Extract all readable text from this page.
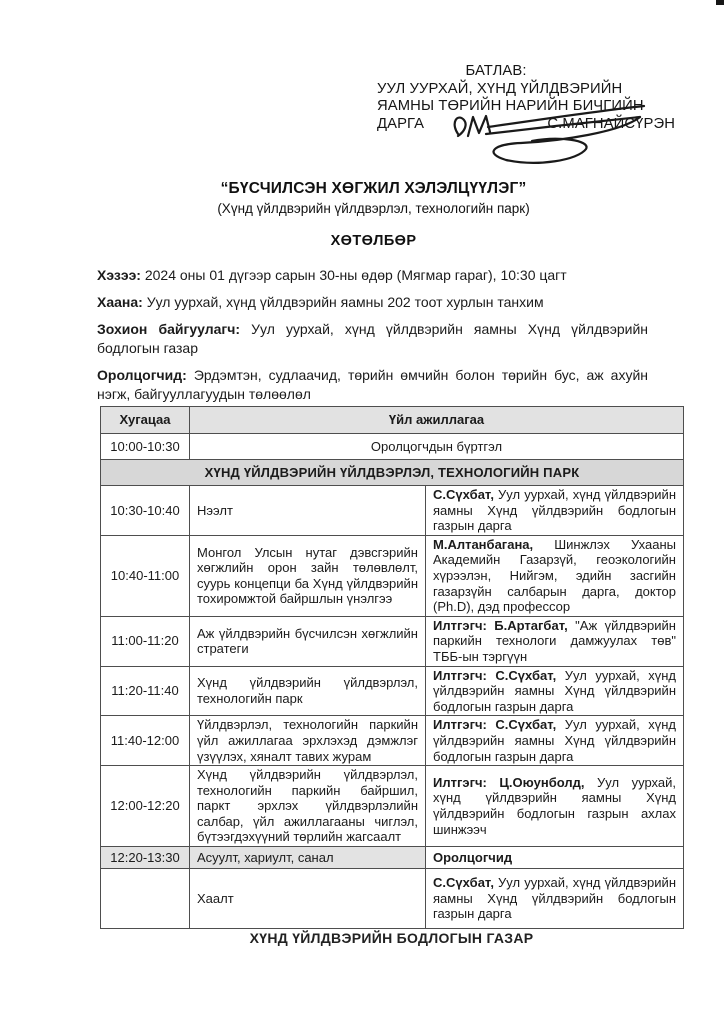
БАТЛАВ:
УУЛ УУРХАЙ, ХҮНД ҮЙЛДВЭРИЙН
ЯАМНЫ ТӨРИЙН НАРИЙН БИЧГИЙН
ДАРГА	С.МАГНАЙСҮРЭН
“БҮСЧИЛСЭН ХӨГЖИЛ ХЭЛЭЛЦҮҮЛЭГ”
(Хүнд үйлдвэрийн үйлдвэрлэл, технологийн парк)
ХӨТӨЛБӨР

Хэзээ: 2024 оны 01 дүгээр сарын 30-ны өдөр (Мягмар гараг), 10:30 цагт

Хаана: Уул уурхай, хүнд үйлдвэрийн яамны 202 тоот хурлын танхим

Зохион байгуулагч: Уул уурхай, хүнд үйлдвэрийн яамны Хүнд үйлдвэрийн бодлогын газар

Оролцогчид: Эрдэмтэн, судлаачид, төрийн өмчийн болон төрийн бус, аж ахуйн нэгж, байгууллагуудын төлөөлөл

Хугацаа	Үйл ажиллагаа	
10:00-10:30	Оролцогчдын бүртгэл	
ХҮНД ҮЙЛДВЭРИЙН ҮЙЛДВЭРЛЭЛ, ТЕХНОЛОГИЙН ПАРК		
10:30-10:40	Нээлт	С.Сүхбат, Уул уурхай, хүнд үйлдвэрийн яамны Хүнд үйлдвэрийн бодлогын газрын дарга
10:40-11:00	Монгол Улсын нутаг дэвсгэрийн хөгжлийн орон зайн төлөвлөлт, суурь концепци ба Хүнд үйлдвэрийн тохиромжтой байршлын үнэлгээ	М.Алтанбагана, Шинжлэх Ухааны Академийн Газарзүй, геоэкологийн хүрээлэн, Нийгэм, эдийн засгийн газарзүйн салбарын дарга, доктор (Ph.D), дэд профессор
11:00-11:20	Аж үйлдвэрийн бүсчилсэн хөгжлийн стратеги	Илтгэгч: Б.Артагбат, "Аж үйлдвэрийн паркийн технологи дамжуулах төв" ТББ-ын тэргүүн
11:20-11:40	Хүнд үйлдвэрийн үйлдвэрлэл, технологийн парк	Илтгэгч: С.Сүхбат, Уул уурхай, хүнд үйлдвэрийн яамны Хүнд үйлдвэрийн бодлогын газрын дарга
11:40-12:00	Үйлдвэрлэл, технологийн паркийн үйл ажиллагаа эрхлэхэд дэмжлэг үзүүлэх, хяналт тавих журам	Илтгэгч: С.Сүхбат, Уул уурхай, хүнд үйлдвэрийн яамны Хүнд үйлдвэрийн бодлогын газрын дарга
12:00-12:20	Хүнд үйлдвэрийн үйлдвэрлэл, технологийн паркийн байршил, паркт эрхлэх үйлдвэрлэлийн салбар, үйл ажиллагааны чиглэл, бүтээгдэхүүний төрлийн жагсаалт	Илтгэгч: Ц.Оюунболд, Уул уурхай, хүнд үйлдвэрийн яамны Хүнд үйлдвэрийн бодлогын газрын ахлах шинжээч
12:20-13:30	Асуулт, хариулт, санал	Оролцогчид
	Хаалт	С.Сүхбат, Уул уурхай, хүнд үйлдвэрийн яамны Хүнд үйлдвэрийн бодлогын газрын дарга
ХҮНД ҮЙЛДВЭРИЙН БОДЛОГЫН ГАЗАР
